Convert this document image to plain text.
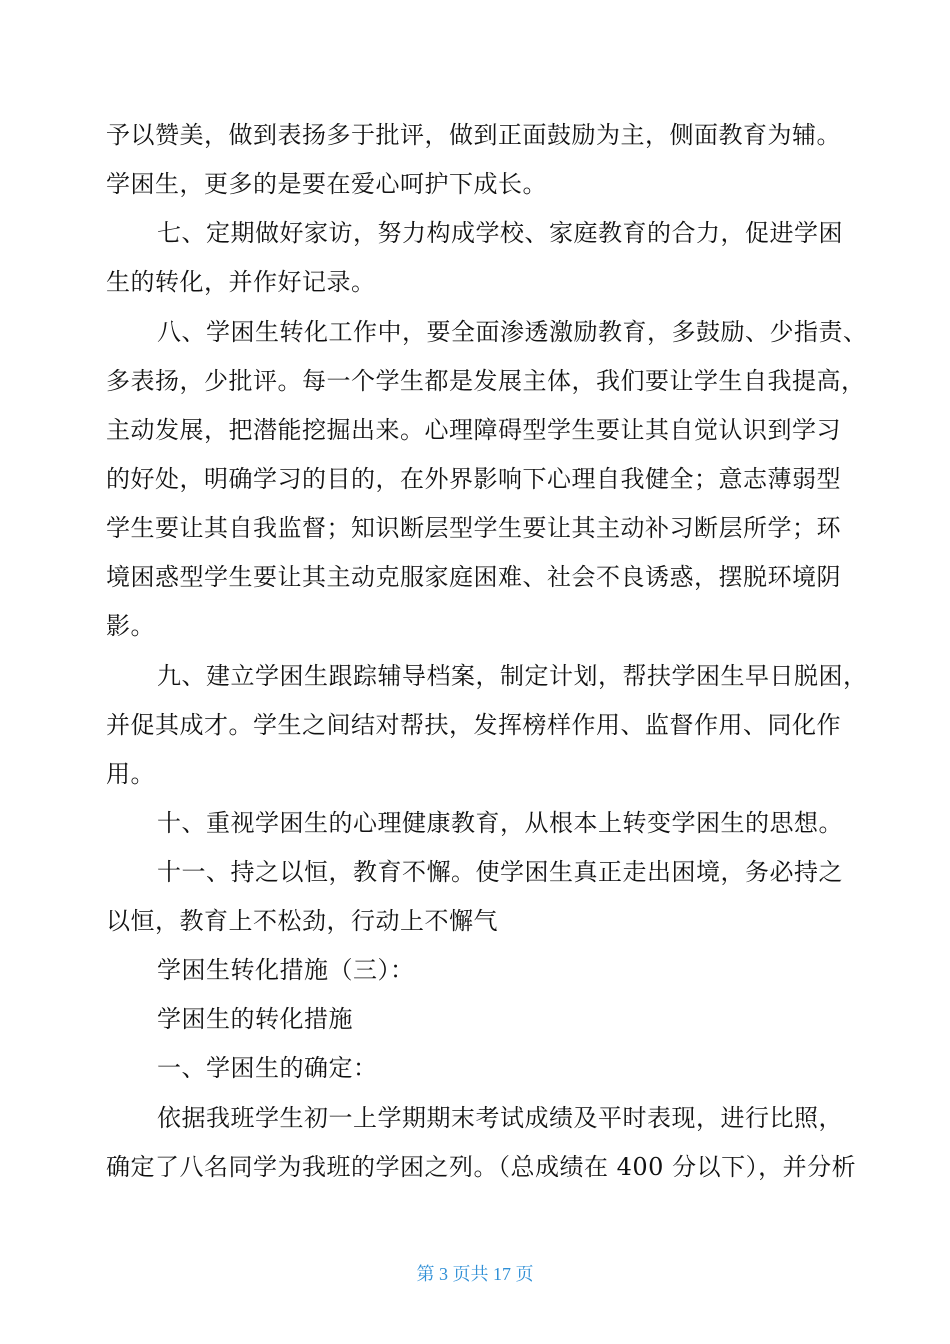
予以赞美，做到表扬多于批评，做到正面鼓励为主，侧面教育为辅。
学困生，更多的是要在爱心呵护下成长。
七、定期做好家访，努力构成学校、家庭教育的合力，促进学困
生的转化，并作好记录。
八、学困生转化工作中，要全面渗透激励教育，多鼓励、少指责、
多表扬，少批评。每一个学生都是发展主体，我们要让学生自我提高，
主动发展，把潜能挖掘出来。心理障碍型学生要让其自觉认识到学习
的好处，明确学习的目的，在外界影响下心理自我健全；意志薄弱型
学生要让其自我监督；知识断层型学生要让其主动补习断层所学；环
境困惑型学生要让其主动克服家庭困难、社会不良诱惑，摆脱环境阴
影。
九、建立学困生跟踪辅导档案，制定计划，帮扶学困生早日脱困，
并促其成才。学生之间结对帮扶，发挥榜样作用、监督作用、同化作
用。
十、重视学困生的心理健康教育，从根本上转变学困生的思想。
十一、持之以恒，教育不懈。使学困生真正走出困境，务必持之
以恒，教育上不松劲，行动上不懈气
学困生转化措施（三）：
学困生的转化措施
一、学困生的确定：
依据我班学生初一上学期期末考试成绩及平时表现，进行比照，
确定了八名同学为我班的学困之列。（总成绩在 400 分以下），并分析
第 3 页共 17 页
